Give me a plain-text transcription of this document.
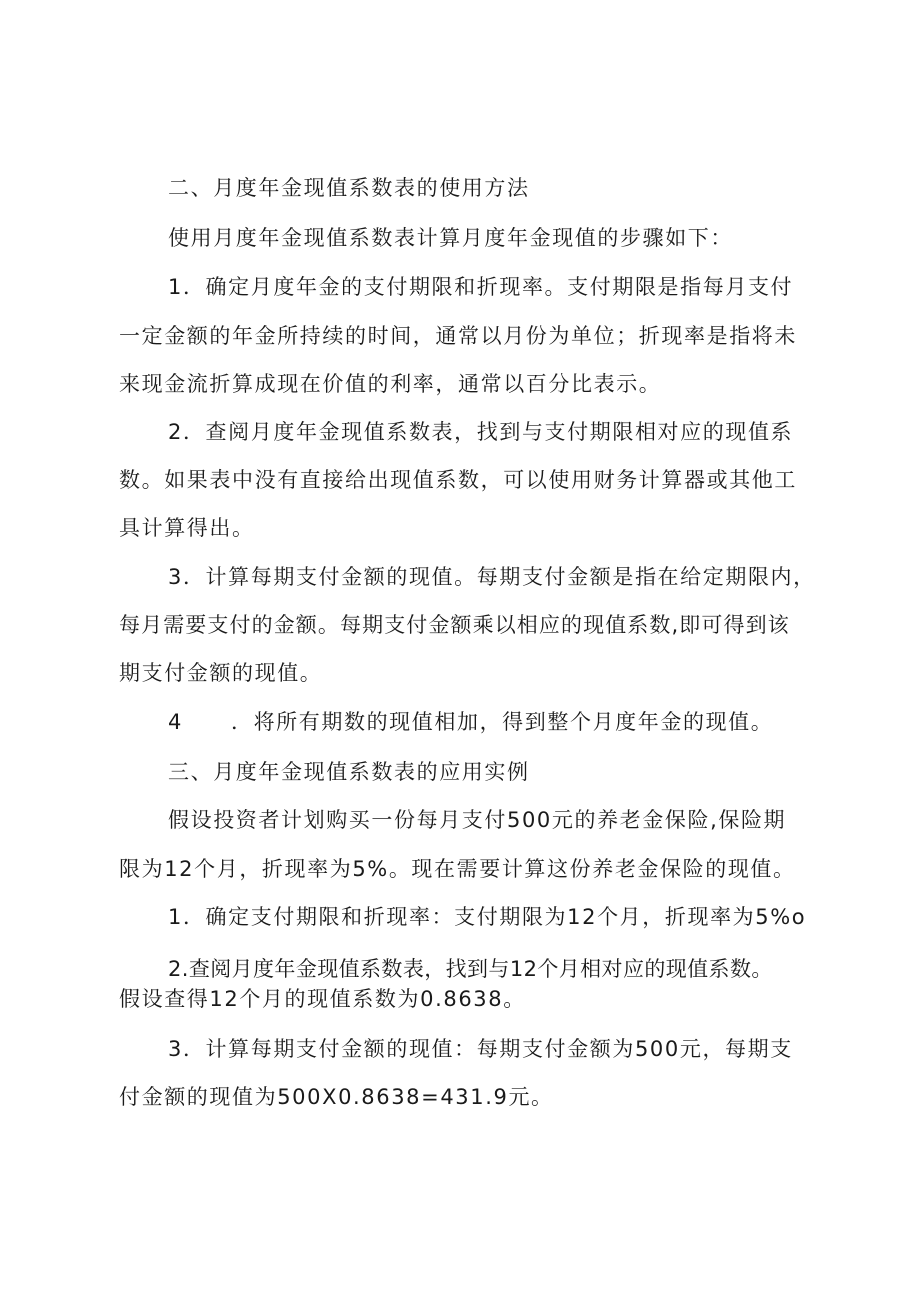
二、月度年金现值系数表的使用方法
使用月度年金现值系数表计算月度年金现值的步骤如下：
1．确定月度年金的支付期限和折现率。支付期限是指每月支付
一定金额的年金所持续的时间，通常以月份为单位；折现率是指将未
来现金流折算成现在价值的利率，通常以百分比表示。
2．查阅月度年金现值系数表，找到与支付期限相对应的现值系
数。如果表中没有直接给出现值系数，可以使用财务计算器或其他工
具计算得出。
3．计算每期支付金额的现值。每期支付金额是指在给定期限内，
每月需要支付的金额。每期支付金额乘以相应的现值系数,即可得到该
期支付金额的现值。
4 ．将所有期数的现值相加，得到整个月度年金的现值。
三、月度年金现值系数表的应用实例
假设投资者计划购买一份每月支付500元的养老金保险,保险期
限为12个月，折现率为5%。现在需要计算这份养老金保险的现值。
1．确定支付期限和折现率：支付期限为12个月，折现率为5%o
2.查阅月度年金现值系数表，找到与12个月相对应的现值系数。
假设查得12个月的现值系数为0.8638。
3．计算每期支付金额的现值：每期支付金额为500元，每期支
付金额的现值为500X0.8638=431.9元。
